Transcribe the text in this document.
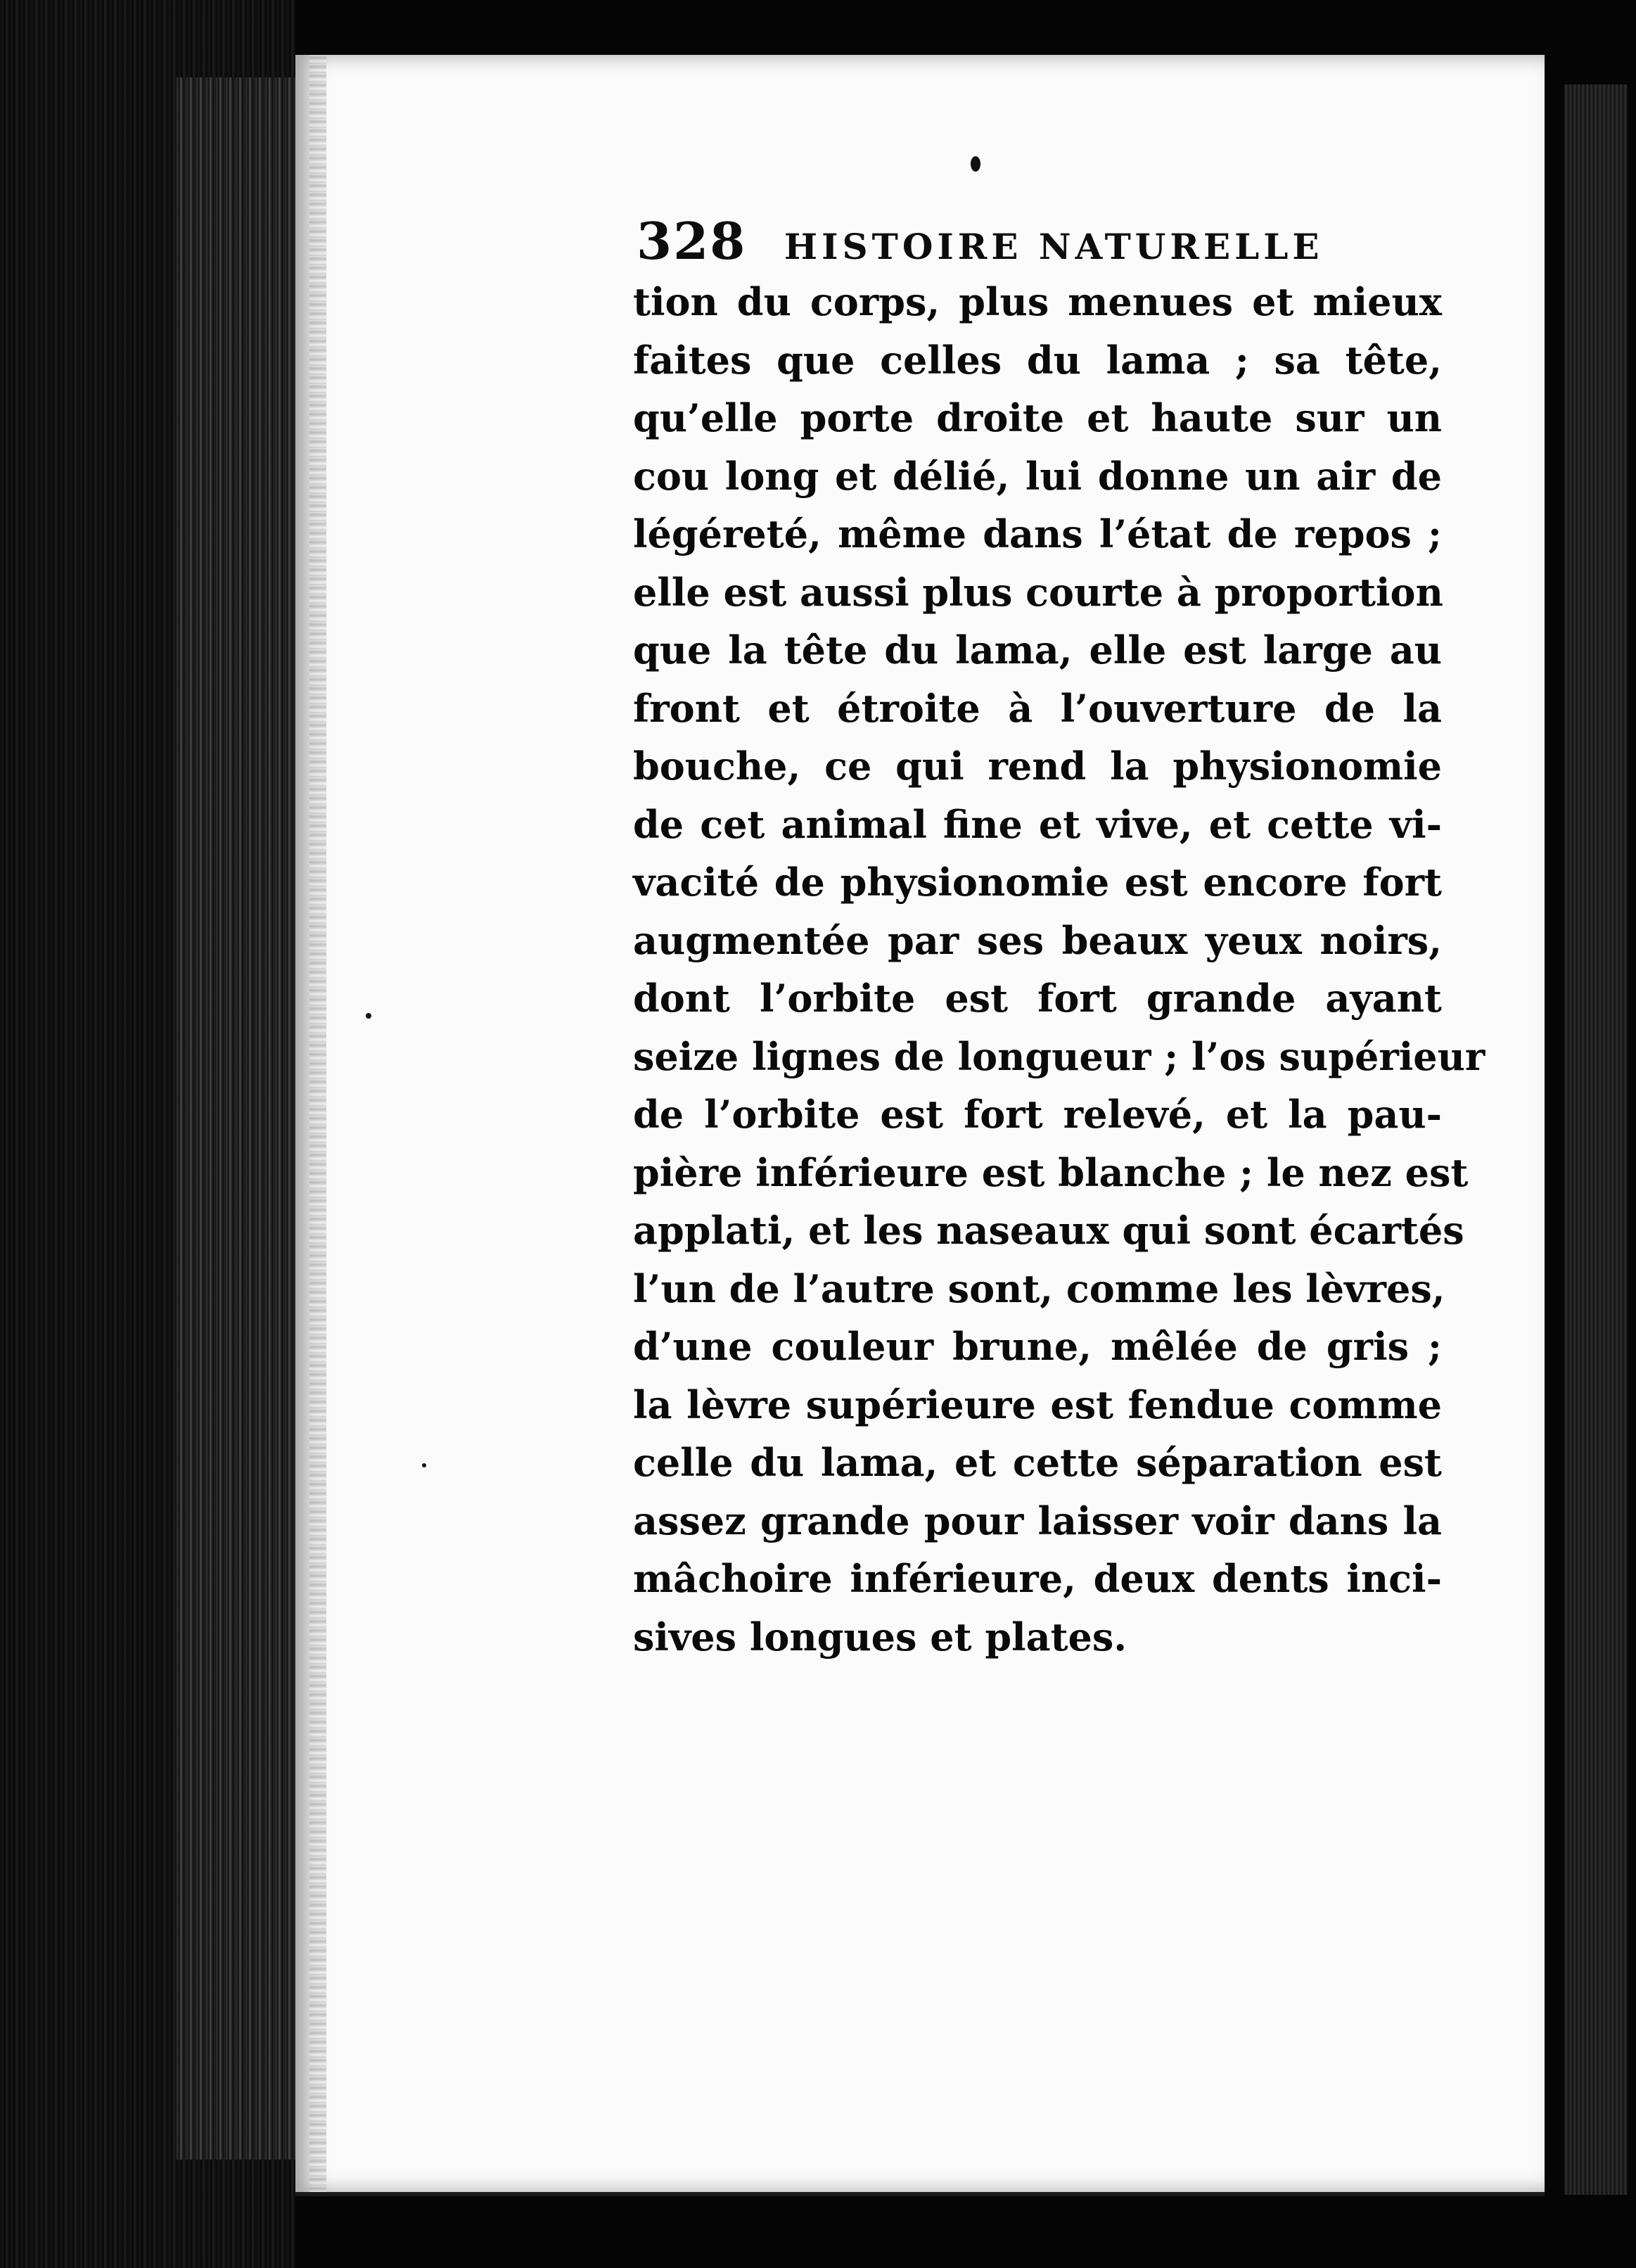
328 HISTOIRE NATURELLE
tion du corps, plus menues et mieux
faites que celles du lama ; sa tête,
qu’elle porte droite et haute sur un
cou long et délié, lui donne un air de
légéreté, même dans l’état de repos ;
elle est aussi plus courte à proportion
que la tête du lama, elle est large au
front et étroite à l’ouverture de la
bouche, ce qui rend la physionomie
de cet animal fine et vive, et cette vi-
vacité de physionomie est encore fort
augmentée par ses beaux yeux noirs,
dont l’orbite est fort grande ayant
seize lignes de longueur ; l’os supérieur
de l’orbite est fort relevé, et la pau-
pière inférieure est blanche ; le nez est
applati, et les naseaux qui sont écartés
l’un de l’autre sont, comme les lèvres,
d’une couleur brune, mêlée de gris ;
la lèvre supérieure est fendue comme
celle du lama, et cette séparation est
assez grande pour laisser voir dans la
mâchoire inférieure, deux dents inci-
sives longues et plates.
